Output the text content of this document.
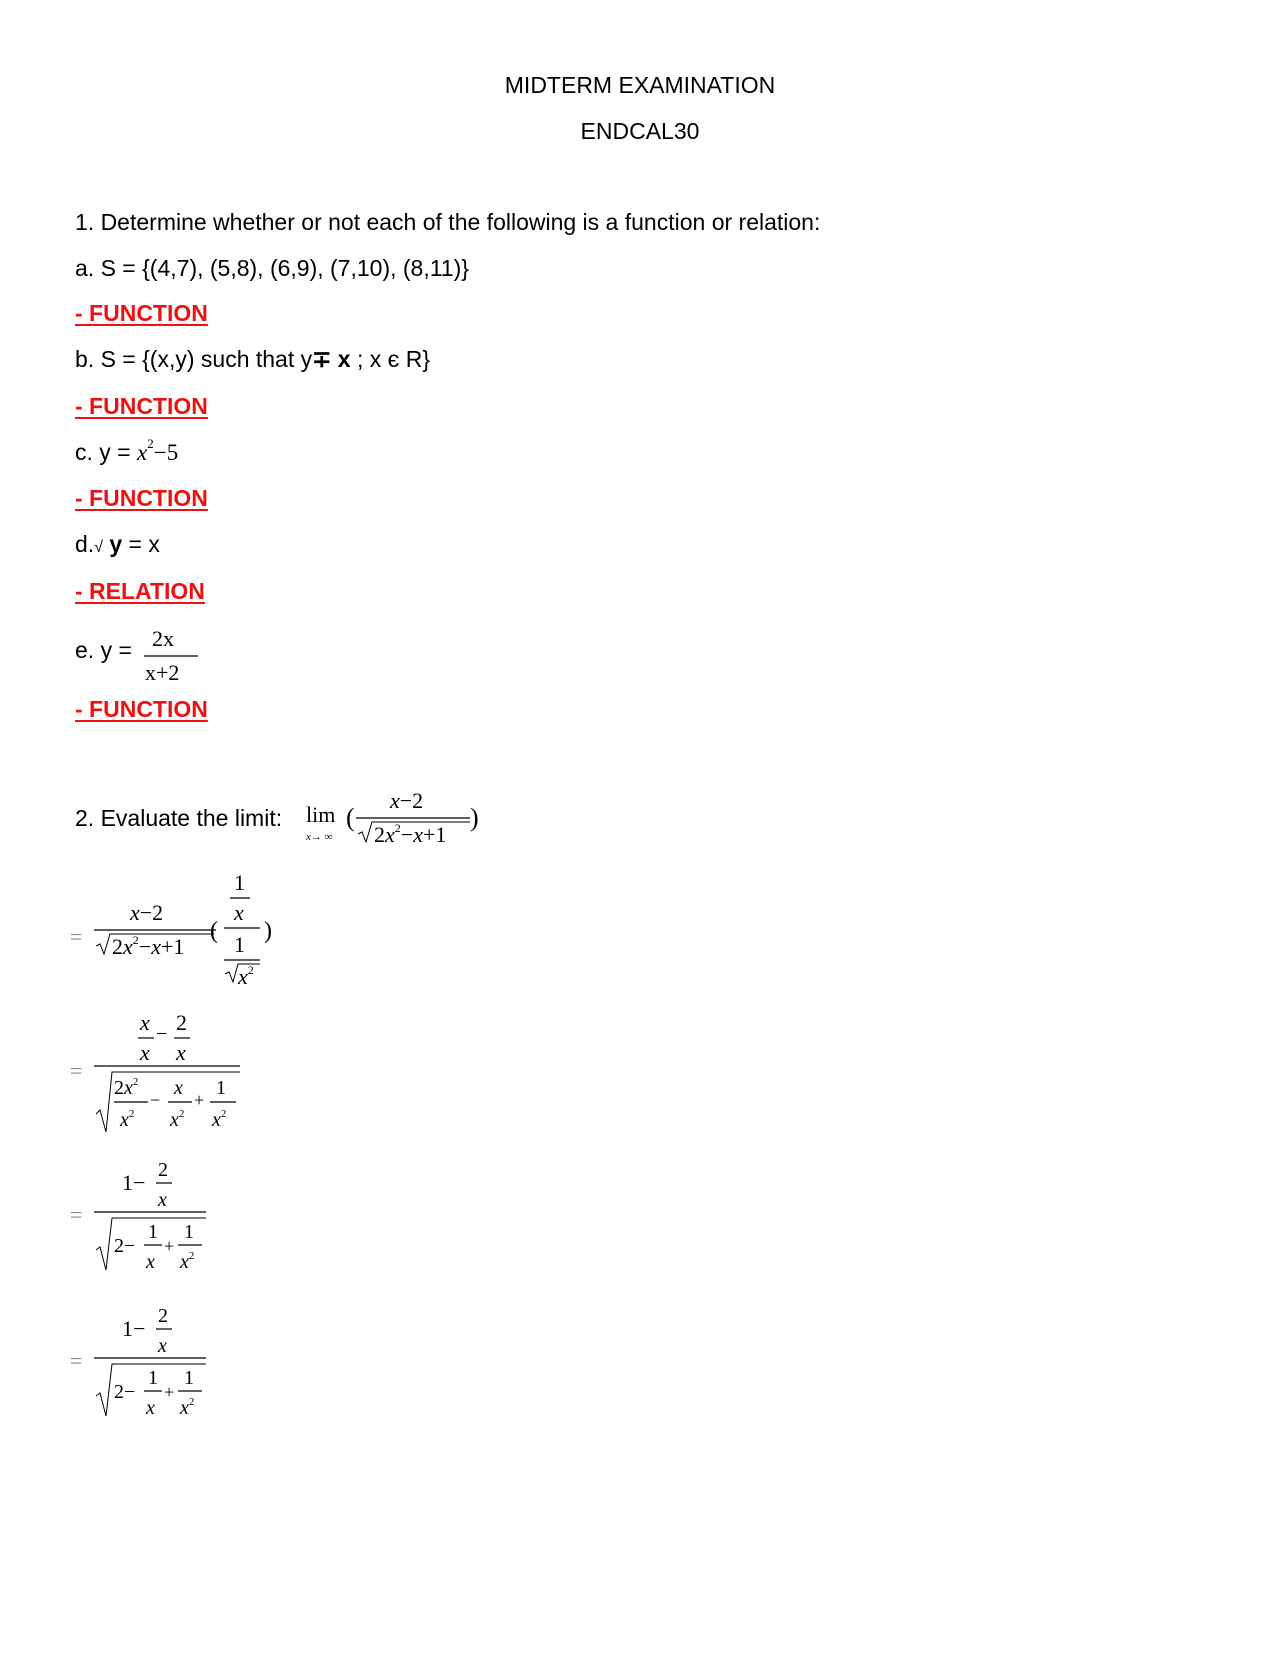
MIDTERM EXAMINATION
ENDCAL30
1. Determine whether or not each of the following is a function or relation:
a. S = {(4,7), (5,8), (6,9), (7,10), (8,11)}
- FUNCTION
b. S = {(x,y) such that y∓ x ; x є R}
- FUNCTION
c. $y = x^2-5$
- FUNCTION
d.√ y = x
- RELATION
e. y = 2x
x+2
- FUNCTION
2. Evaluate the limit: lim
x→ ∞
(
x−2
$2x^2-x+1$
)
=
x−2
$2x^2-x+1$
(
1
x
1
$x^2$
)
=
x
x
− 2
x
$2x^2$
$x^2$
−
x
$x^2$
+
1
$x^2$
=
1− 2
x
2−
1
x
+
1
$x^2$
=
1− 2
x
2−
1
x
+
1
$x^2$
